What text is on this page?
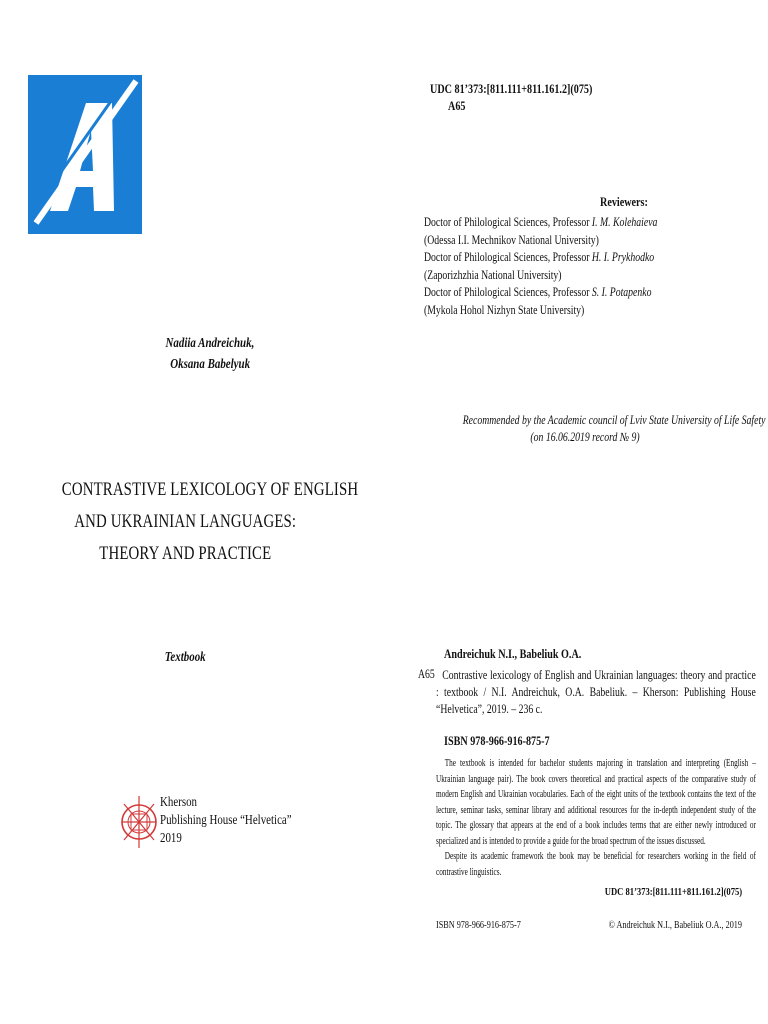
Nadiia Andreichuk,
Oksana Babelyuk
CONTRASTIVE LEXICOLOGY OF ENGLISH
AND UKRAINIAN LANGUAGES:
THEORY AND PRACTICE
Textbook
Kherson
Publishing House “Helvetica”
2019
UDC 81’373:[811.111+811.161.2](075)
A65
Reviewers:
Doctor of Philological Sciences, Professor I. M. Kolehaieva
(Odessa I.I. Mechnikov National University)
Doctor of Philological Sciences, Professor H. I. Prykhodko
(Zaporizhzhia National University)
Doctor of Philological Sciences, Professor S. I. Potapenko
(Mykola Hohol Nizhyn State University)
Recommended by the Academic council of Lviv State University of Life Safety
(on 16.06.2019 record № 9)
Andreichuk N.I., Babeliuk O.A.
A65 Contrastive lexicology of English and Ukrainian languages: theory and practice : textbook / N.I. Andreichuk, O.A. Babeliuk. – Kherson: Publishing House “Helvetica”, 2019. – 236 c.
ISBN 978-966-916-875-7

The textbook is intended for bachelor students majoring in translation and interpreting (English – Ukrainian language pair). The book covers theoretical and practical aspects of the comparative study of modern English and Ukrainian vocabularies. Each of the eight units of the textbook contains the text of the lecture, seminar tasks, seminar library and additional resources for the in-depth independent study of the topic. The glossary that appears at the end of a book includes terms that are either newly introduced or specialized and is intended to provide a guide for the broad spectrum of the issues discussed.

Despite its academic framework the book may be beneficial for researchers working in the field of contrastive linguistics.

UDC 81’373:[811.111+811.161.2](075)
ISBN 978-966-916-875-7	© Andreichuk N.I., Babeliuk O.A., 2019
